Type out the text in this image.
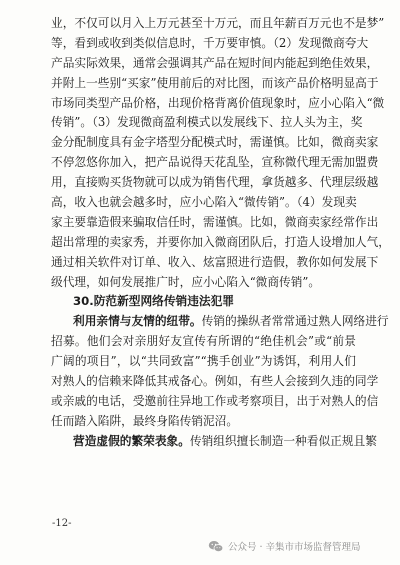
业，不仅可以月入上万元甚至十万元，而且年薪百万元也不是梦”
等，看到或收到类似信息时，千万要审慎。（2）发现微商夸大
产品实际效果，通常会强调其产品在短时间内能起到绝佳效果，
并附上一些别“买家”使用前后的对比图，而该产品价格明显高于
市场同类型产品价格，出现价格背离价值现象时，应小心陷入“微
传销”。（3）发现微商盈利模式以发展线下、拉人头为主，奖
金分配制度具有金字塔型分配模式时，需谨慎。比如，微商卖家
不停忽悠你加入，把产品说得天花乱坠，宣称微代理无需加盟费
用，直接购买货物就可以成为销售代理，拿货越多、代理层级越
高，收入也就会越多时，应小心陷入“微传销”。（4）发现卖
家主要靠造假来骗取信任时，需谨慎。比如，微商卖家经常作出
超出常理的卖家秀，并要你加入微商团队后，打造人设增加人气，
通过相关软件对订单、收入、炫富照进行造假，教你如何发展下
级代理，如何发展推广时，应小心陷入“微商传销”。
30.防范新型网络传销违法犯罪
利用亲情与友情的纽带。传销的操纵者常常通过熟人网络进行
招募。他们会对亲朋好友宣传有所谓的“绝佳机会”或“前景
广阔的项目”，以“共同致富”“携手创业”为诱饵，利用人们
对熟人的信赖来降低其戒备心。例如，有些人会接到久违的同学
或亲戚的电话，受邀前往异地工作或考察项目，出于对熟人的信
任而踏入陷阱，最终身陷传销泥沼。
营造虚假的繁荣表象。传销组织擅长制造一种看似正规且繁
-12-
公众号 · 辛集市市场监督管理局
